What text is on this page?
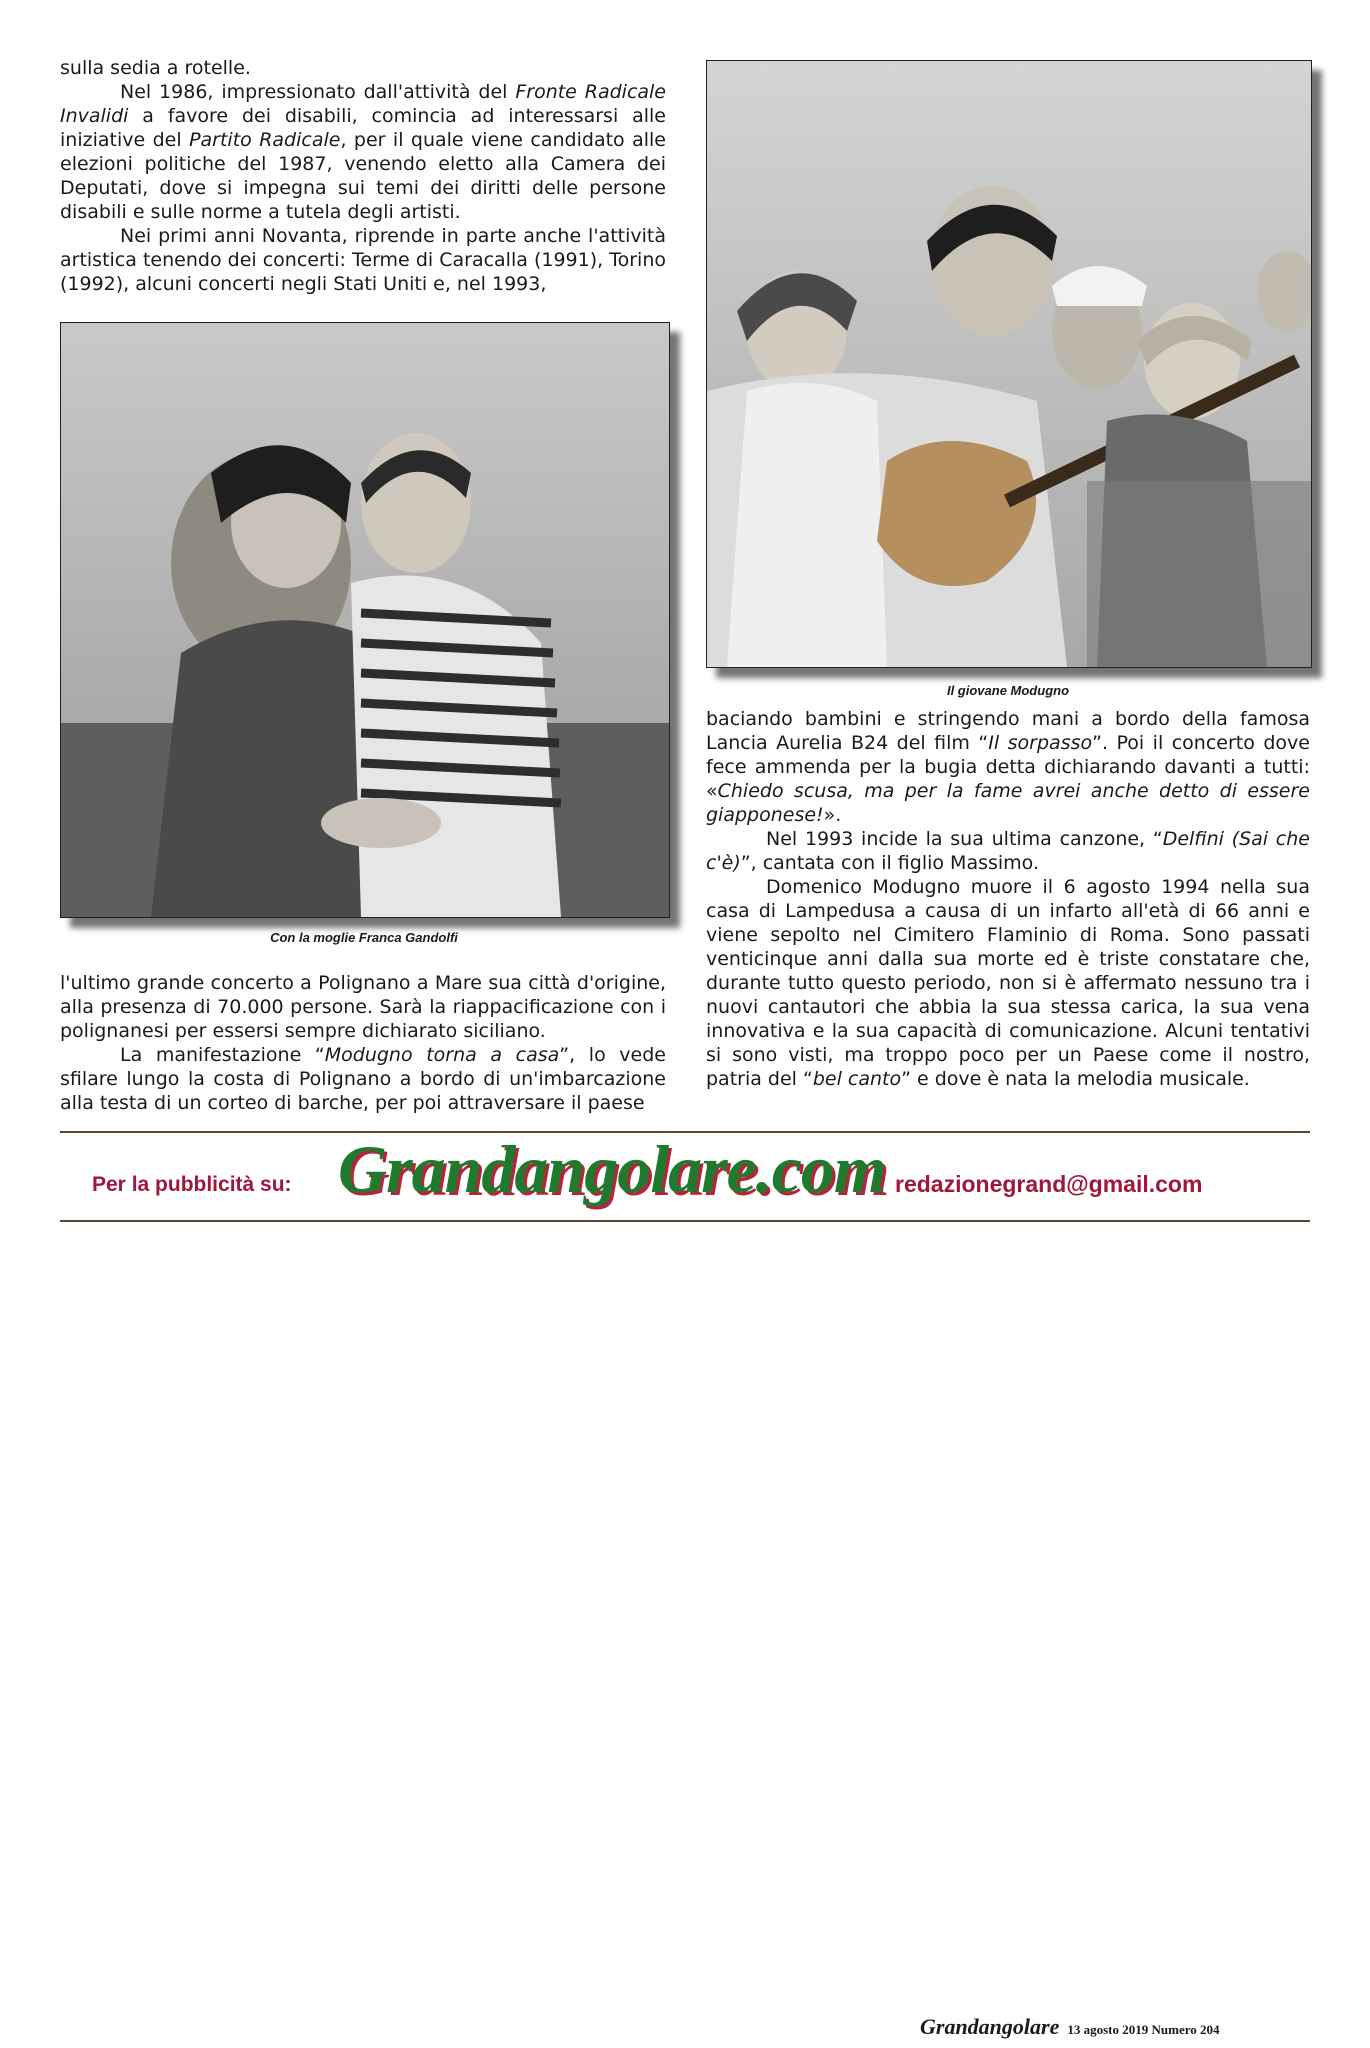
sulla sedia a rotelle.

Nel 1986, impressionato dall'attività del Fronte Radicale Invalidi a favore dei disabili, comincia ad interessarsi alle iniziative del Partito Radicale, per il quale viene candidato alle elezioni politiche del 1987, venendo eletto alla Camera dei Deputati, dove si impegna sui temi dei diritti delle persone disabili e sulle norme a tutela degli artisti.

Nei primi anni Novanta, riprende in parte anche l'attività artistica tenendo dei concerti: Terme di Caracalla (1991), Torino (1992), alcuni concerti negli Stati Uniti e, nel 1993,

Con la moglie Franca Gandolfi
Il giovane Modugno

l'ultimo grande concerto a Polignano a Mare sua città d'origine, alla presenza di 70.000 persone. Sarà la riappacificazione con i polignanesi per essersi sempre dichiarato siciliano.

La manifestazione “Modugno torna a casa”, lo vede sfilare lungo la costa di Polignano a bordo di un'imbarcazione alla testa di un corteo di barche, per poi attraversare il paese

baciando bambini e stringendo mani a bordo della famosa Lancia Aurelia B24 del film “Il sorpasso”. Poi il concerto dove fece ammenda per la bugia detta dichiarando davanti a tutti: «Chiedo scusa, ma per la fame avrei anche detto di essere giapponese!».

Nel 1993 incide la sua ultima canzone, “Delfini (Sai che c'è)”, cantata con il figlio Massimo.

Domenico Modugno muore il 6 agosto 1994 nella sua casa di Lampedusa a causa di un infarto all'età di 66 anni e viene sepolto nel Cimitero Flaminio di Roma. Sono passati venticinque anni dalla sua morte ed è triste constatare che, durante tutto questo periodo, non si è affermato nessuno tra i nuovi cantautori che abbia la sua stessa carica, la sua vena innovativa e la sua capacità di comunicazione. Alcuni tentativi si sono visti, ma troppo poco per un Paese come il nostro, patria del “bel canto” e dove è nata la melodia musicale.

Per la pubblicità su: Grandangolare.com redazionegrand@gmail.com
Grandangolare 13 agosto 2019 Numero 204
